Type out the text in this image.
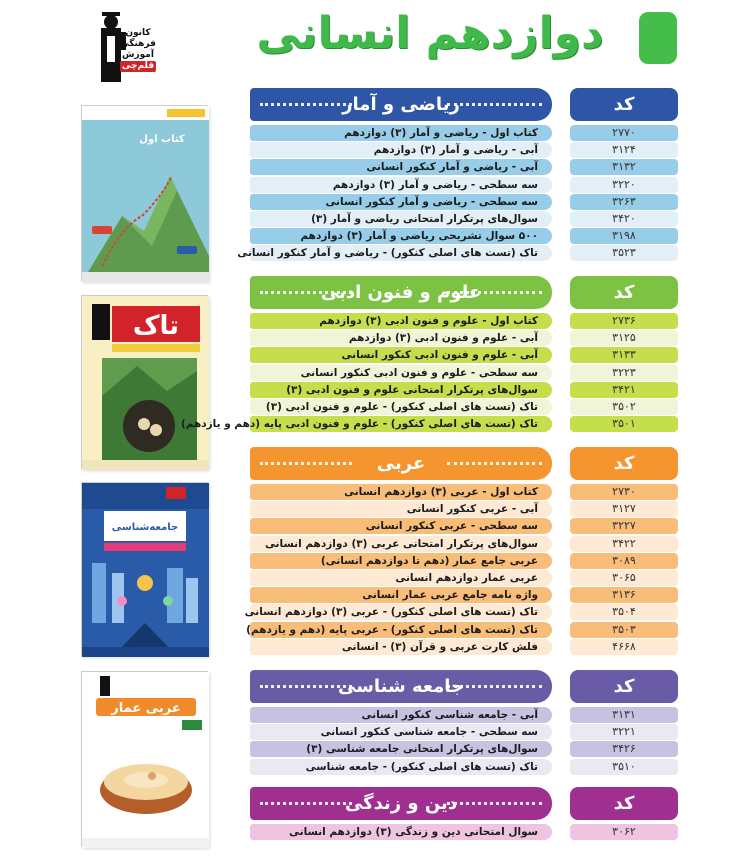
دوازدهم انسانی
کانون
فرهنگی
آموزش
قلم‌چی
کتاب اول
تاک
جامعه‌شناسی
عربی عمار
ریاضی و آمار	کد
کتاب اول - ریاضی و آمار (۳) دوازدهم	۲۷۷۰
آبی - ریاضی و آمار (۳) دوازدهم	۳۱۲۴
آبی - ریاضی و آمار کنکور انسانی	۳۱۳۲
سه سطحی - ریاضی و آمار (۳) دوازدهم	۳۲۲۰
سه سطحی - ریاضی و آمار کنکور انسانی	۳۲۶۳
سوال‌های پرتکرار امتحانی ریاضی و آمار (۳)	۳۴۲۰
۵۰۰ سوال تشریحی ریاضی و آمار (۳) دوازدهم	۳۱۹۸
تاک (تست های اصلی کنکور) - ریاضی و آمار کنکور انسانی	۳۵۲۳
علوم و فنون ادبی	کد
کتاب اول - علوم و فنون ادبی (۳) دوازدهم	۲۷۳۶
آبی - علوم و فنون ادبی (۳) دوازدهم	۳۱۲۵
آبی - علوم و فنون ادبی کنکور انسانی	۳۱۳۳
سه سطحی - علوم و فنون ادبی کنکور انسانی	۳۲۲۳
سوال‌های پرتکرار امتحانی علوم و فنون ادبی (۳)	۳۴۲۱
تاک (تست های اصلی کنکور) - علوم و فنون ادبی (۳)	۳۵۰۲
تاک (تست های اصلی کنکور) - علوم و فنون ادبی پایه (دهم و یازدهم)	۳۵۰۱
عربی	کد
کتاب اول - عربی (۳) دوازدهم انسانی	۲۷۳۰
آبی - عربی کنکور انسانی	۳۱۲۷
سه سطحی - عربی کنکور انسانی	۳۲۲۷
سوال‌های پرتکرار امتحانی عربی (۳) دوازدهم انسانی	۳۴۲۲
عربی جامع عمار (دهم تا دوازدهم انسانی)	۳۰۸۹
عربی عمار دوازدهم انسانی	۳۰۶۵
واژه نامه جامع عربی عمار انسانی	۳۱۳۶
تاک (تست های اصلی کنکور) - عربی (۳) دوازدهم انسانی	۳۵۰۴
تاک (تست های اصلی کنکور) - عربی پایه (دهم و یازدهم)	۳۵۰۳
فلش کارت عربی و قرآن (۳) - انسانی	۴۶۶۸
جامعه شناسی	کد
آبی - جامعه شناسی کنکور انسانی	۳۱۳۱
سه سطحی - جامعه شناسی کنکور انسانی	۳۲۲۱
سوال‌های پرتکرار امتحانی جامعه شناسی (۳)	۳۴۲۶
تاک (تست های اصلی کنکور) - جامعه شناسی	۳۵۱۰
دین و زندگی	کد
سوال امتحانی دین و زندگی (۳) دوازدهم انسانی	۳۰۶۲
